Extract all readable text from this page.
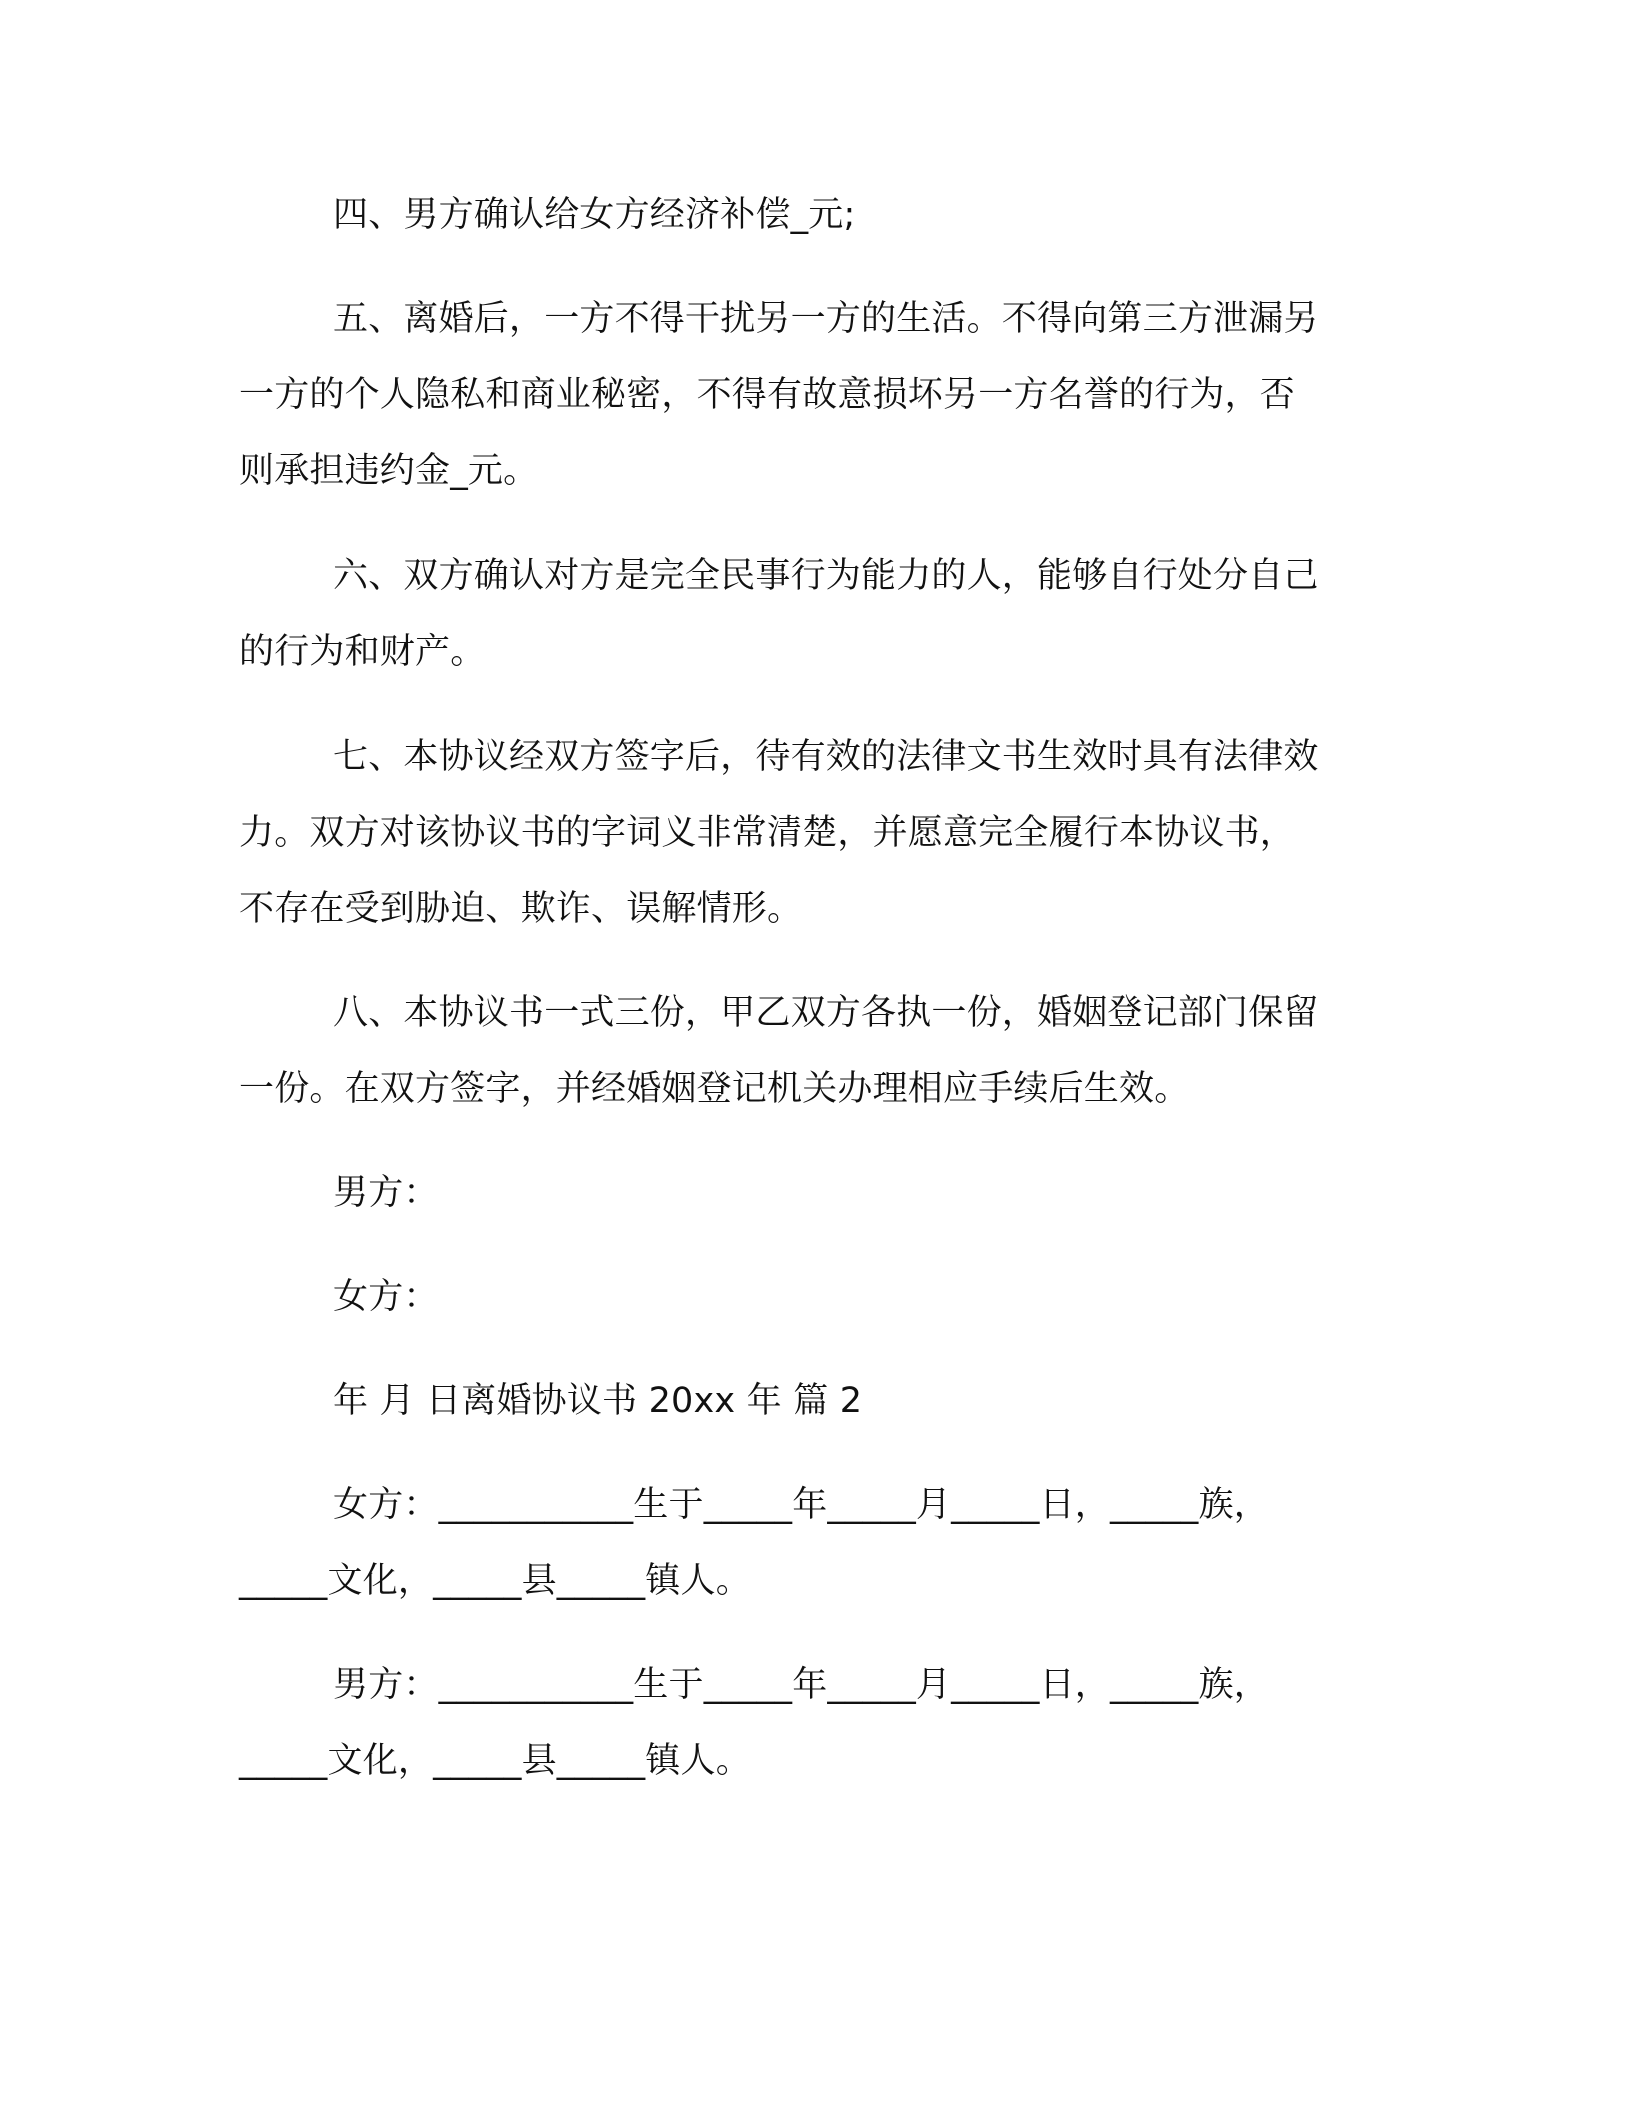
四、男方确认给女方经济补偿_元;
五、离婚后，一方不得干扰另一方的生活。不得向第三方泄漏另
一方的个人隐私和商业秘密，不得有故意损坏另一方名誉的行为，否
则承担违约金_元。
六、双方确认对方是完全民事行为能力的人，能够自行处分自己
的行为和财产。
七、本协议经双方签字后，待有效的法律文书生效时具有法律效
力。双方对该协议书的字词义非常清楚，并愿意完全履行本协议书，
不存在受到胁迫、欺诈、误解情形。
八、本协议书一式三份，甲乙双方各执一份，婚姻登记部门保留
一份。在双方签字，并经婚姻登记机关办理相应手续后生效。
男方：
女方：
年 月 日离婚协议书 20xx 年 篇 2
女方：___________生于_____年_____月_____日，_____族，
_____文化，_____县_____镇人。
男方：___________生于_____年_____月_____日，_____族，
_____文化，_____县_____镇人。
